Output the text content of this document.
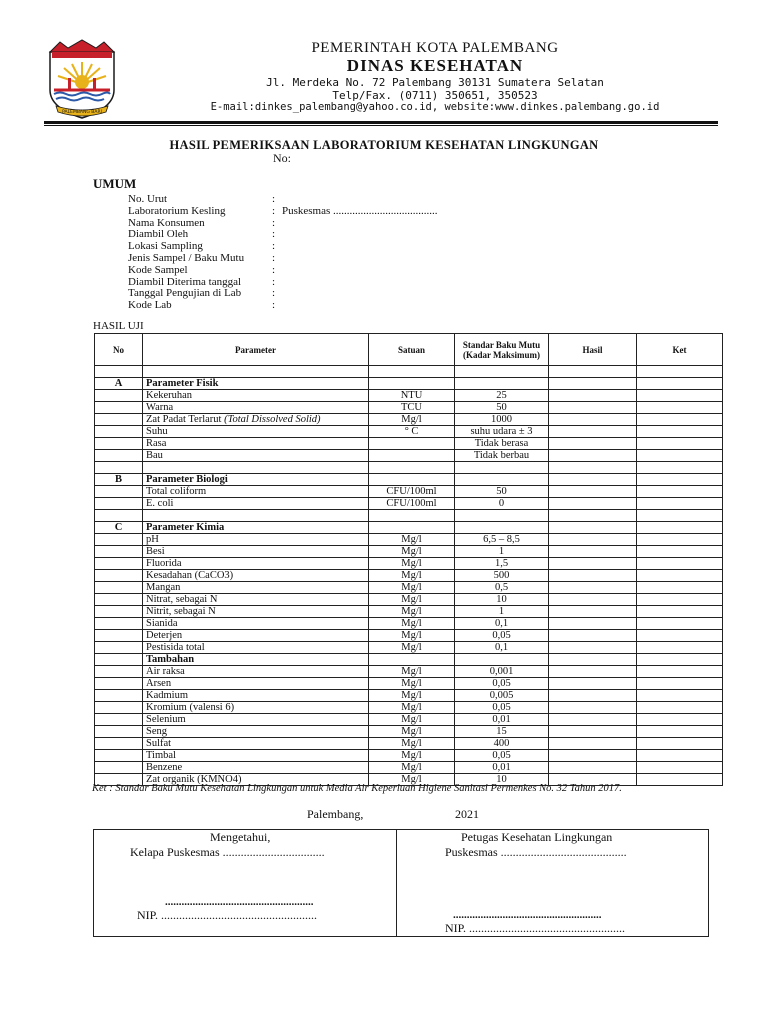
PALEMBANG BARI
PEMERINTAH KOTA PALEMBANG
DINAS KESEHATAN
Jl. Merdeka No. 72 Palembang 30131 Sumatera Selatan
Telp/Fax. (0711) 350651, 350523
E-mail:dinkes_palembang@yahoo.co.id, website:www.dinkes.palembang.go.id
HASIL PEMERIKSAAN LABORATORIUM KESEHATAN LINGKUNGAN
No:
UMUM
No. Urut	:
Laboratorium Kesling	: Puskesmas ......................................
Nama Konsumen	:
Diambil Oleh	:
Lokasi Sampling	:
Jenis Sampel / Baku Mutu	:
Kode Sampel	:
Diambil Diterima tanggal	:
Tanggal Pengujian di Lab	:
Kode Lab	:
HASIL UJI
No	Parameter	Satuan	Standar Baku Mutu (Kadar Maksimum)	Hasil	Ket

A	Parameter Fisik				
	Kekeruhan	NTU	25		
	Warna	TCU	50		
	Zat Padat Terlarut (Total Dissolved Solid)	Mg/l	1000		
	Suhu	° C	suhu udara ± 3		
	Rasa		Tidak berasa		
	Bau		Tidak berbau		

B	Parameter Biologi				
	Total coliform	CFU/100ml	50		
	E. coli	CFU/100ml	0		

C	Parameter Kimia				
	pH	Mg/l	6,5 – 8,5		
	Besi	Mg/l	1		
	Fluorida	Mg/l	1,5		
	Kesadahan (CaCO3)	Mg/l	500		
	Mangan	Mg/l	0,5		
	Nitrat, sebagai N	Mg/l	10		
	Nitrit, sebagai N	Mg/l	1		
	Sianida	Mg/l	0,1		
	Deterjen	Mg/l	0,05		
	Pestisida total	Mg/l	0,1		
	Tambahan				
	Air raksa	Mg/l	0,001		
	Arsen	Mg/l	0,05		
	Kadmium	Mg/l	0,005		
	Kromium (valensi 6)	Mg/l	0,05		
	Selenium	Mg/l	0,01		
	Seng	Mg/l	15		
	Sulfat	Mg/l	400		
	Timbal	Mg/l	0,05		
	Benzene	Mg/l	0,01		
	Zat organik (KMNO4)	Mg/l	10		
Ket : Standar Baku Mutu Kesehatan Lingkungan untuk Media Air Keperluan Higiene Sanitasi Permenkes No. 32 Tahun 2017.
Palembang,	2021
Mengetahui,
Kelapa Puskesmas ..................................
......................................................
NIP. ....................................................
Petugas Kesehatan Lingkungan
Puskesmas ..........................................
......................................................
NIP. ....................................................
